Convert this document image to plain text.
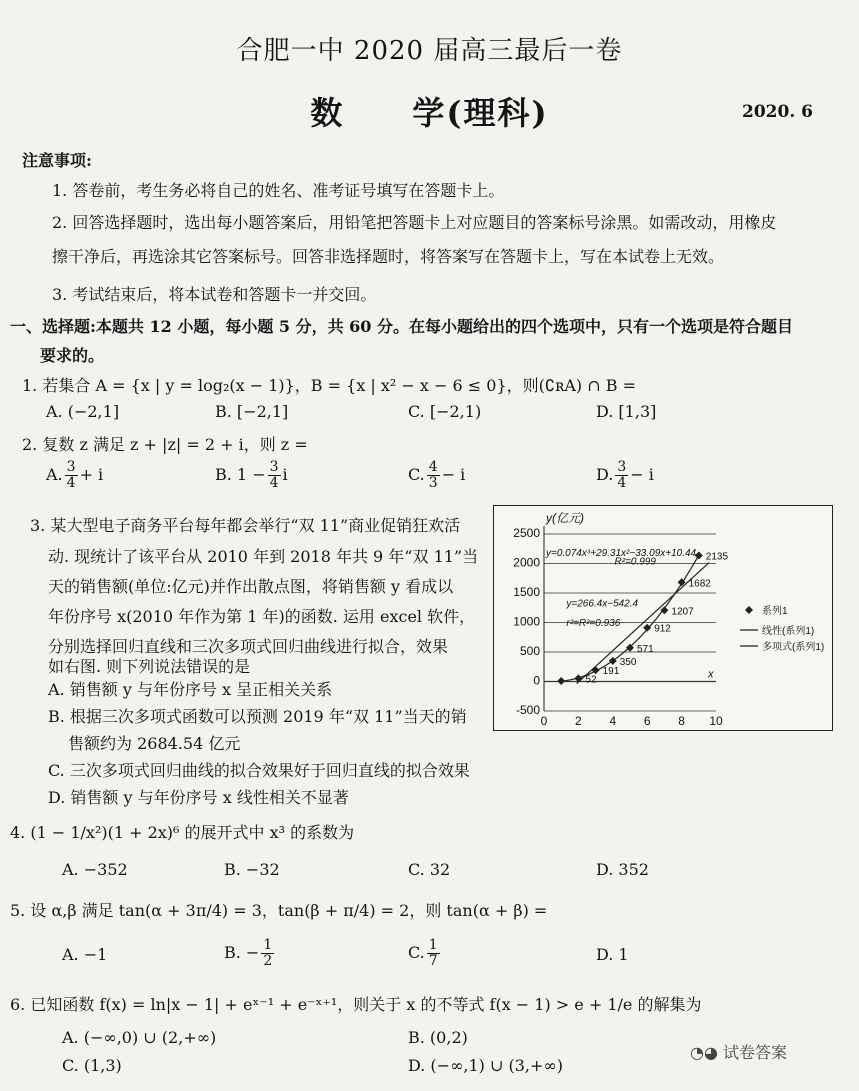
合肥一中 2020 届高三最后一卷
数　　学(理科)	2020. 6
注意事项:
1. 答卷前，考生务必将自己的姓名、准考证号填写在答题卡上。
2. 回答选择题时，选出每小题答案后，用铅笔把答题卡上对应题目的答案标号涂黑。如需改动，用橡皮
擦干净后，再选涂其它答案标号。回答非选择题时，将答案写在答题卡上，写在本试卷上无效。
3. 考试结束后，将本试卷和答题卡一并交回。
一、选择题:本题共 12 小题，每小题 5 分，共 60 分。在每小题给出的四个选项中，只有一个选项是符合题目
要求的。
1. 若集合 A = {x | y = log₂(x − 1)}，B = {x | x² − x − 6 ≤ 0}，则(∁ʀA) ∩ B =
A. (−2,1]	B. [−2,1]	C. [−2,1)	D. [1,3]
2. 复数 z 满足 z + |z| = 2 + i，则 z =
A. $\frac{3}{4} + i$	B. $1 - \frac{3}{4}$ i	C. $\frac{4}{3} - i$	D. $\frac{3}{4} - i$
3. 某大型电子商务平台每年都会举行“双 11”商业促销狂欢活
动. 现统计了该平台从 2010 年到 2018 年共 9 年“双 11”当
天的销售额(单位:亿元)并作出散点图，将销售额 y 看成以
年份序号 x(2010 年作为第 1 年)的函数. 运用 excel 软件，
分别选择回归直线和三次多项式回归曲线进行拟合，效果
如右图. 则下列说法错误的是
A. 销售额 y 与年份序号 x 呈正相关关系
B. 根据三次多项式函数可以预测 2019 年“双 11”当天的销
售额约为 2684.54 亿元
C. 三次多项式回归曲线的拟合效果好于回归直线的拟合效果
D. 销售额 y 与年份序号 x 线性相关不显著
-500
0
500
1000
1500
2000
2500
0 2 4 6 8 10
y(亿元)
x
52
191
350
571
912
1207
1682
2135
y=0.074x³+29.31x²−33.09x+10.44
R²=0.999
y=266.4x−542.4
r²=R²=0.936
系列1
线性(系列1)
多项式(系列1)
4. (1 − 1/x²)(1 + 2x)⁶ 的展开式中 x³ 的系数为
A. −352	B. −32	C. 32	D. 352
5. 设 α,β 满足 tan(α + 3π/4) = 3，tan(β + π/4) = 2，则 tan(α + β) =
A. −1	B. − $\frac{1}{2}$	C. $\frac{1}{7}$	D. 1
6. 已知函数 f(x) = ln|x − 1| + eˣ⁻¹ + e⁻ˣ⁺¹，则关于 x 的不等式 f(x − 1) > e + 1/e 的解集为
A. (−∞,0) ∪ (2,+∞)	B. (0,2)
C. (1,3)	D. (−∞,1) ∪ (3,+∞)
◔◕ 试卷答案
